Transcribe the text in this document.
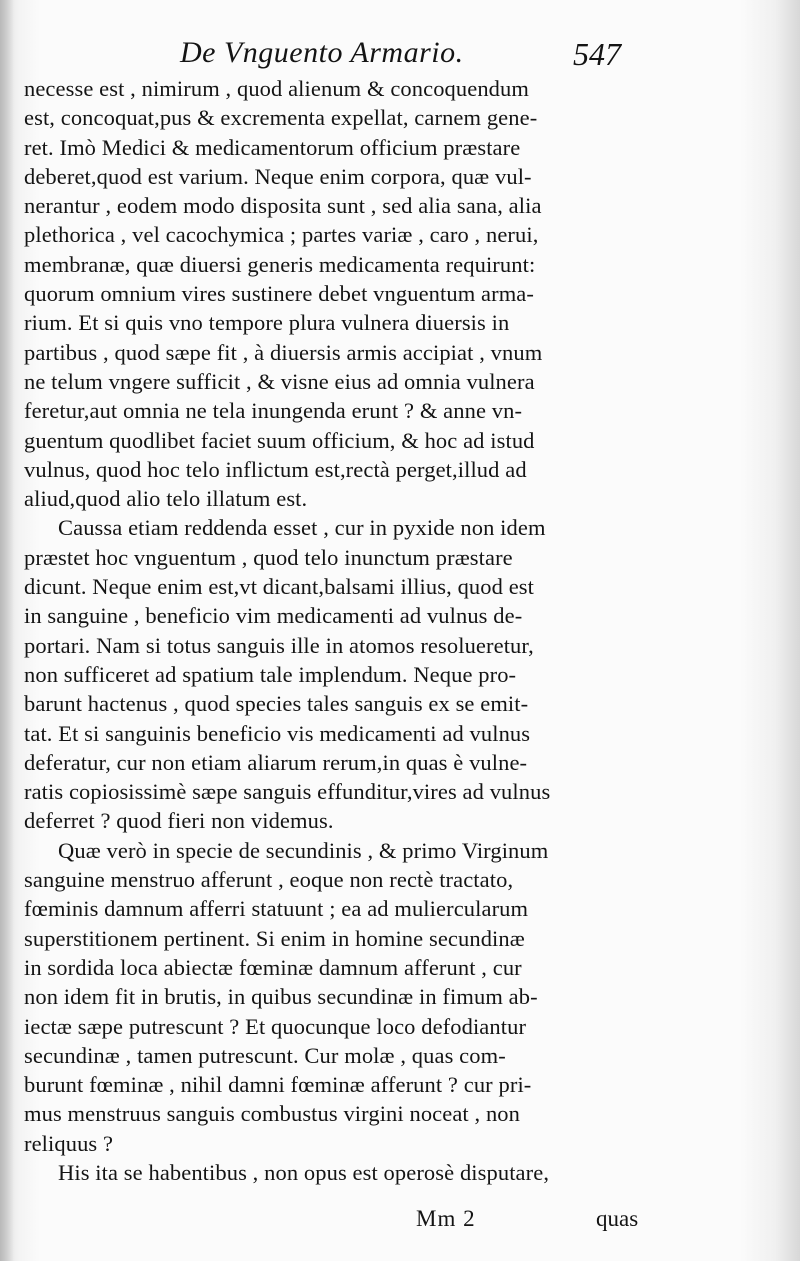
De Vnguento Armario.	547
necesse est , nimirum , quod alienum & concoquendum
est, concoquat,pus & excrementa expellat, carnem gene-
ret. Imò Medici & medicamentorum officium præstare
deberet,quod est varium. Neque enim corpora, quæ vul-
nerantur , eodem modo disposita sunt , sed alia sana, alia
plethorica , vel cacochymica ; partes variæ , caro , nerui,
membranæ, quæ diuersi generis medicamenta requirunt:
quorum omnium vires sustinere debet vnguentum arma-
rium. Et si quis vno tempore plura vulnera diuersis in
partibus , quod sæpe fit , à diuersis armis accipiat , vnum
ne telum vngere sufficit , & visne eius ad omnia vulnera
feretur,aut omnia ne tela inungenda erunt ? & anne vn-
guentum quodlibet faciet suum officium, & hoc ad istud
vulnus, quod hoc telo inflictum est,rectà perget,illud ad
aliud,quod alio telo illatum est.
Caussa etiam reddenda esset , cur in pyxide non idem
præstet hoc vnguentum , quod telo inunctum præstare
dicunt. Neque enim est,vt dicant,balsami illius, quod est
in sanguine , beneficio vim medicamenti ad vulnus de-
portari. Nam si totus sanguis ille in atomos resolueretur,
non sufficeret ad spatium tale implendum. Neque pro-
barunt hactenus , quod species tales sanguis ex se emit-
tat. Et si sanguinis beneficio vis medicamenti ad vulnus
deferatur, cur non etiam aliarum rerum,in quas è vulne-
ratis copiosissimè sæpe sanguis effunditur,vires ad vulnus
deferret ? quod fieri non videmus.
Quæ verò in specie de secundinis , & primo Virginum
sanguine menstruo afferunt , eoque non rectè tractato,
fœminis damnum afferri statuunt ; ea ad muliercularum
superstitionem pertinent. Si enim in homine secundinæ
in sordida loca abiectæ fœminæ damnum afferunt , cur
non idem fit in brutis, in quibus secundinæ in fimum ab-
iectæ sæpe putrescunt ? Et quocunque loco defodiantur
secundinæ , tamen putrescunt. Cur molæ , quas com-
burunt fœminæ , nihil damni fœminæ afferunt ? cur pri-
mus menstruus sanguis combustus virgini noceat , non
reliquus ?
His ita se habentibus , non opus est operosè disputare,
Mm 2	quas
